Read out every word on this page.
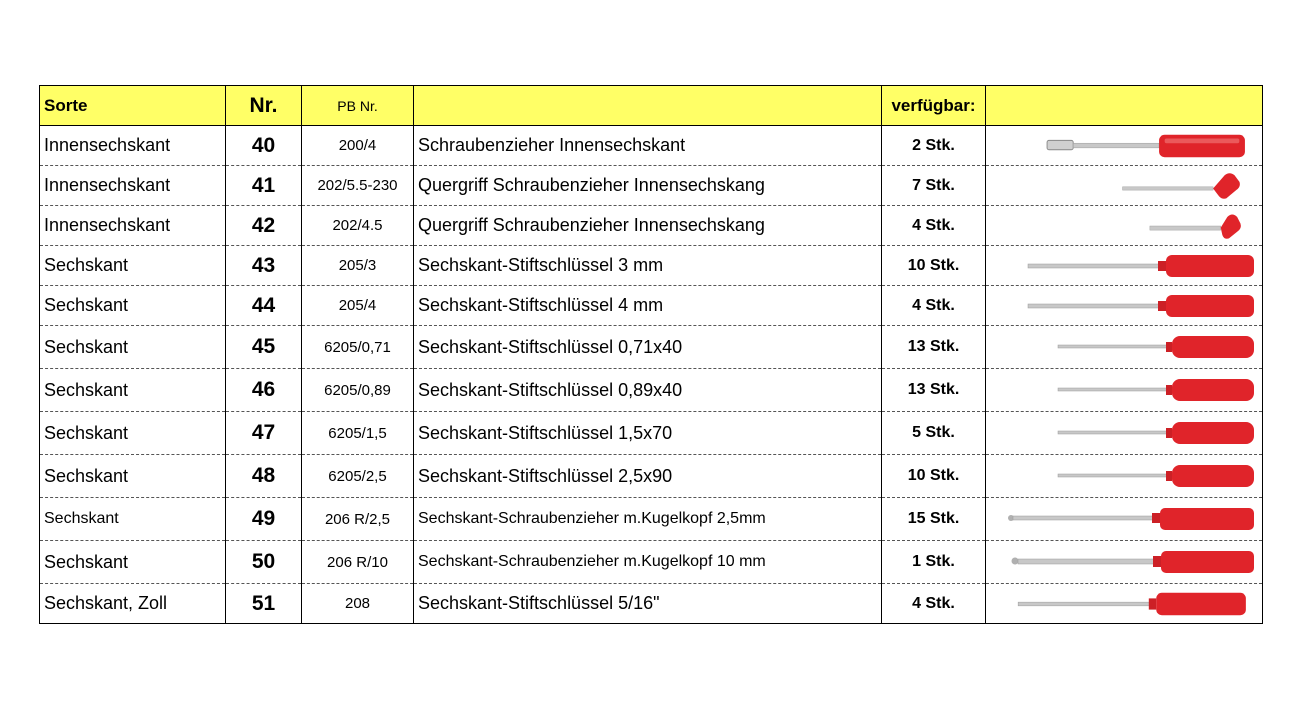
Sorte	Nr.	PB Nr.		verfügbar:	
Innensechskant	40	200/4	Schraubenzieher Innensechskant	2 Stk.	

Innensechskant	41	202/5.5-230	Quergriff Schraubenzieher Innensechskang	7 Stk.	

Innensechskant	42	202/4.5	Quergriff Schraubenzieher Innensechskang	4 Stk.	

Sechskant	43	205/3	Sechskant-Stiftschlüssel 3 mm	10 Stk.	

Sechskant	44	205/4	Sechskant-Stiftschlüssel 4 mm	4 Stk.	

Sechskant	45	6205/0,71	Sechskant-Stiftschlüssel 0,71x40	13 Stk.	

Sechskant	46	6205/0,89	Sechskant-Stiftschlüssel 0,89x40	13 Stk.	

Sechskant	47	6205/1,5	Sechskant-Stiftschlüssel 1,5x70	5 Stk.	

Sechskant	48	6205/2,5	Sechskant-Stiftschlüssel 2,5x90	10 Stk.	

Sechskant	49	206 R/2,5	Sechskant-Schraubenzieher m.Kugelkopf 2,5mm	15 Stk.	

Sechskant	50	206 R/10	Sechskant-Schraubenzieher m.Kugelkopf 10 mm	1 Stk.	

Sechskant, Zoll	51	208	Sechskant-Stiftschlüssel 5/16"	4 Stk.	
